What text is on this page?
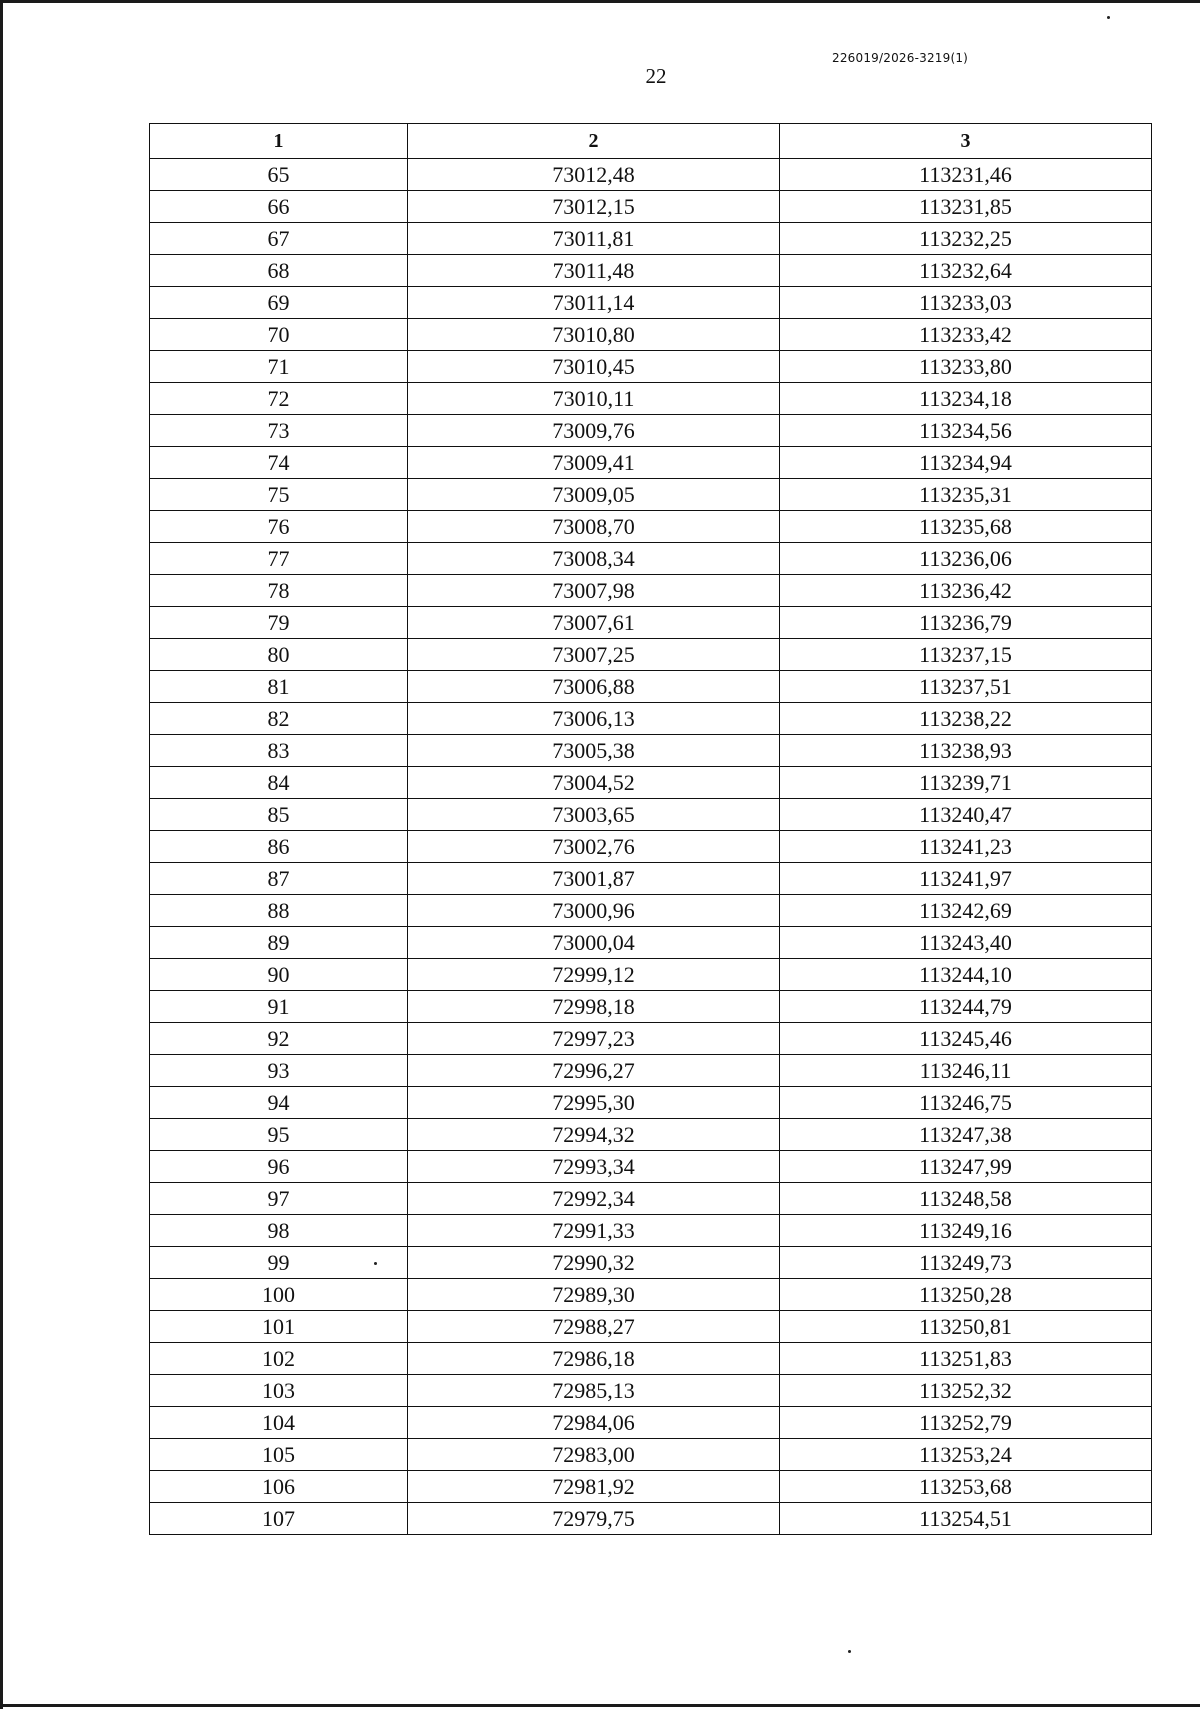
226019/2026-3219(1)
22
1	2	3
65	73012,48	113231,46
66	73012,15	113231,85
67	73011,81	113232,25
68	73011,48	113232,64
69	73011,14	113233,03
70	73010,80	113233,42
71	73010,45	113233,80
72	73010,11	113234,18
73	73009,76	113234,56
74	73009,41	113234,94
75	73009,05	113235,31
76	73008,70	113235,68
77	73008,34	113236,06
78	73007,98	113236,42
79	73007,61	113236,79
80	73007,25	113237,15
81	73006,88	113237,51
82	73006,13	113238,22
83	73005,38	113238,93
84	73004,52	113239,71
85	73003,65	113240,47
86	73002,76	113241,23
87	73001,87	113241,97
88	73000,96	113242,69
89	73000,04	113243,40
90	72999,12	113244,10
91	72998,18	113244,79
92	72997,23	113245,46
93	72996,27	113246,11
94	72995,30	113246,75
95	72994,32	113247,38
96	72993,34	113247,99
97	72992,34	113248,58
98	72991,33	113249,16
99	72990,32	113249,73
100	72989,30	113250,28
101	72988,27	113250,81
102	72986,18	113251,83
103	72985,13	113252,32
104	72984,06	113252,79
105	72983,00	113253,24
106	72981,92	113253,68
107	72979,75	113254,51
